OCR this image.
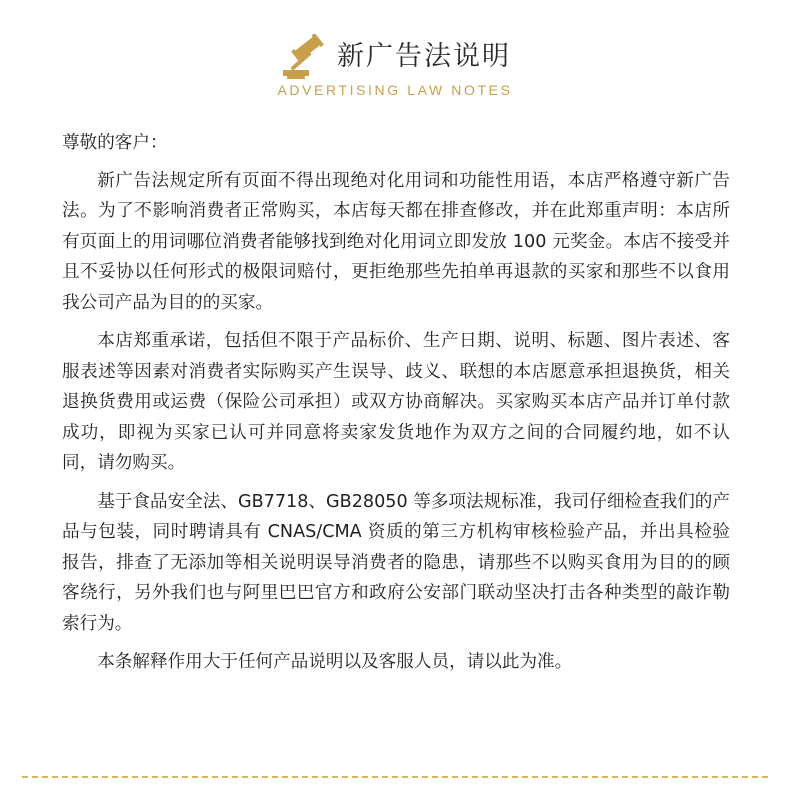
新广告法说明
ADVERTISING LAW NOTES

尊敬的客户：

新广告法规定所有页面不得出现绝对化用词和功能性用语，本店严格遵守新广告法。为了不影响消费者正常购买，本店每天都在排查修改，并在此郑重声明：本店所有页面上的用词哪位消费者能够找到绝对化用词立即发放 100 元奖金。本店不接受并且不妥协以任何形式的极限词赔付，更拒绝那些先拍单再退款的买家和那些不以食用我公司产品为目的的买家。

本店郑重承诺，包括但不限于产品标价、生产日期、说明、标题、图片表述、客服表述等因素对消费者实际购买产生误导、歧义、联想的本店愿意承担退换货，相关退换货费用或运费（保险公司承担）或双方协商解决。买家购买本店产品并订单付款成功，即视为买家已认可并同意将卖家发货地作为双方之间的合同履约地，如不认同，请勿购买。

基于食品安全法、GB7718、GB28050 等多项法规标准，我司仔细检查我们的产品与包装，同时聘请具有 CNAS/CMA 资质的第三方机构审核检验产品，并出具检验报告，排查了无添加等相关说明误导消费者的隐患，请那些不以购买食用为目的的顾客绕行，另外我们也与阿里巴巴官方和政府公安部门联动坚决打击各种类型的敲诈勒索行为。

本条解释作用大于任何产品说明以及客服人员，请以此为准。
